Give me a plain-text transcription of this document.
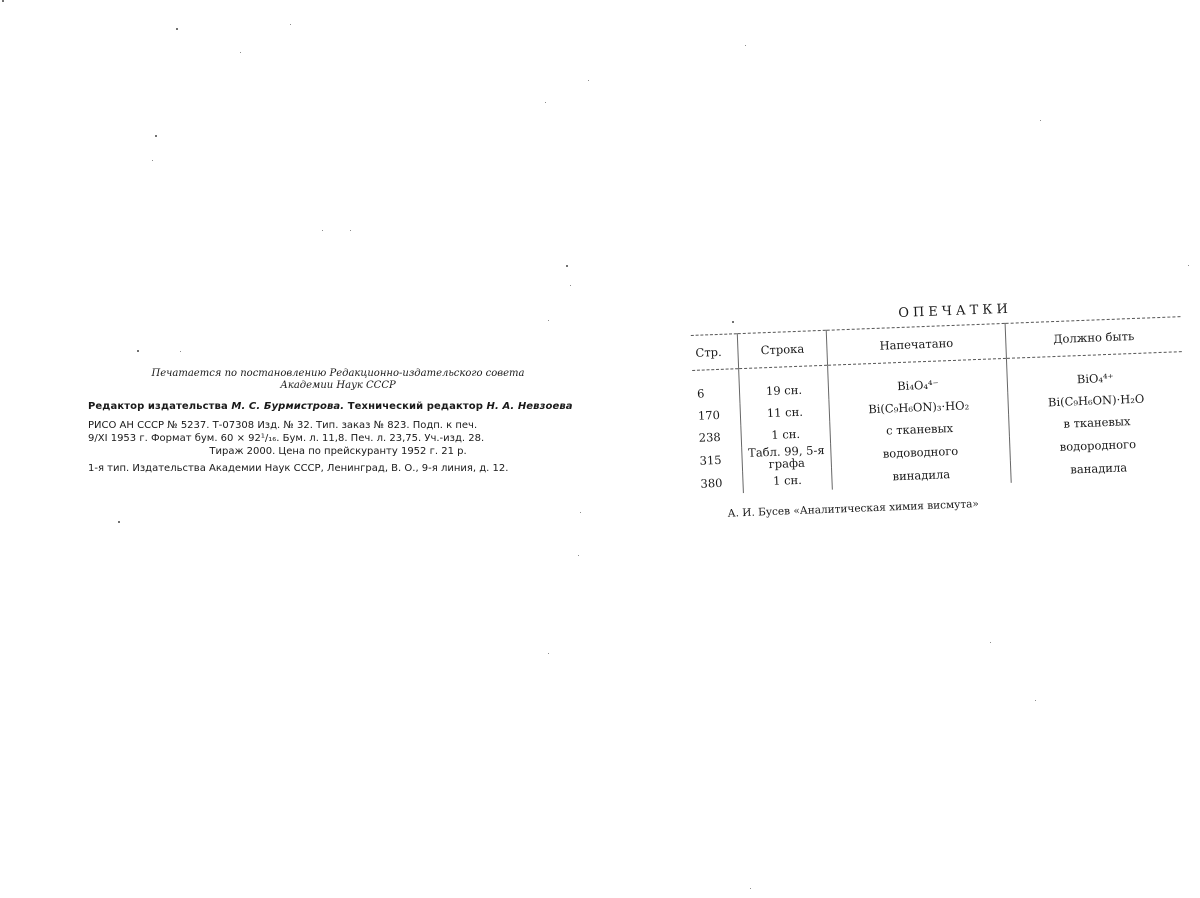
Печатается по постановлению Редакционно-издательского совета
Академии Наук СССР
Редактор издательства М. С. Бурмистрова. Технический редактор Н. А. Невзоева
РИСО АН СССР № 5237. Т-07308 Изд. № 32. Тип. заказ № 823. Подп. к печ.
9/XI 1953 г. Формат бум. 60 × 92¹/₁₆. Бум. л. 11,8. Печ. л. 23,75. Уч.-изд. 28.
Тираж 2000. Цена по прейскуранту 1952 г. 21 р.
1-я тип. Издательства Академии Наук СССР, Ленинград, В. О., 9-я линия, д. 12.
ОПЕЧАТКИ
Стр.	Строка	Напечатано	Должно быть
6	19 сн.	Bi₄O₄⁴⁻	BiO₄⁴⁺
170	11 сн.	Bi(C₉H₆ON)₃·HO₂	Bi(C₉H₆ON)·H₂O
238	1 сн.	с тканевых	в тканевых
315	Табл. 99, 5-я графа	водоводного	водородного
380	1 сн.	винадила	ванадила
А. И. Бусев «Аналитическая химия висмута»
